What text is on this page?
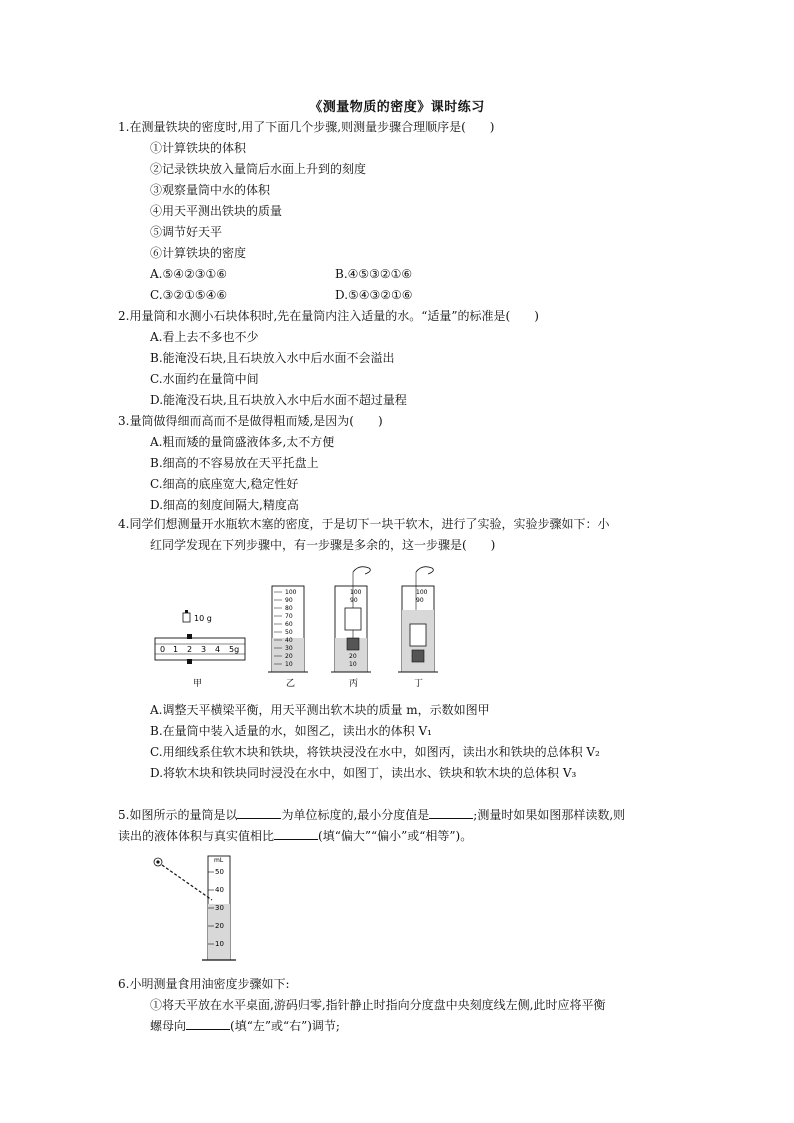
《测量物质的密度》课时练习
1.在测量铁块的密度时,用了下面几个步骤,则测量步骤合理顺序是(　　)
①计算铁块的体积
②记录铁块放入量筒后水面上升到的刻度
③观察量筒中水的体积
④用天平测出铁块的质量
⑤调节好天平
⑥计算铁块的密度
A.⑤④②③①⑥	B.④⑤③②①⑥
C.③②①⑤④⑥	D.⑤④③②①⑥
2.用量筒和水测小石块体积时,先在量筒内注入适量的水。“适量”的标准是(　　)
A.看上去不多也不少
B.能淹没石块,且石块放入水中后水面不会溢出
C.水面约在量筒中间
D.能淹没石块,且石块放入水中后水面不超过量程
3.量筒做得细而高而不是做得粗而矮,是因为(　　)
A.粗而矮的量筒盛液体多,太不方便
B.细高的不容易放在天平托盘上
C.细高的底座宽大,稳定性好
D.细高的刻度间隔大,精度高
4.同学们想测量开水瓶软木塞的密度，于是切下一块干软木，进行了实验，实验步骤如下：小
红同学发现在下列步骤中，有一步骤是多余的，这一步骤是(　　)
10 g
0 1 2 3 4 5g
甲
100
90
80
70
60
50
40
30
20
10
乙
100
90
20
10
丙
100
90
丁
A.调整天平横梁平衡，用天平测出软木块的质量 m，示数如图甲
B.在量筒中装入适量的水，如图乙，读出水的体积 V₁
C.用细线系住软木块和铁块，将铁块浸没在水中，如图丙，读出水和铁块的总体积 V₂
D.将软木块和铁块同时浸没在水中，如图丁，读出水、铁块和软木块的总体积 V₃
5.如图所示的量筒是以	为单位标度的,最小分度值是	;测量时如果如图那样读数,则
读出的液体体积与真实值相比	(填“偏大”“偏小”或“相等”)。
mL
50
40
30
20
10
6.小明测量食用油密度步骤如下:
①将天平放在水平桌面,游码归零,指针静止时指向分度盘中央刻度线左侧,此时应将平衡
螺母向	(填“左”或“右”)调节;
